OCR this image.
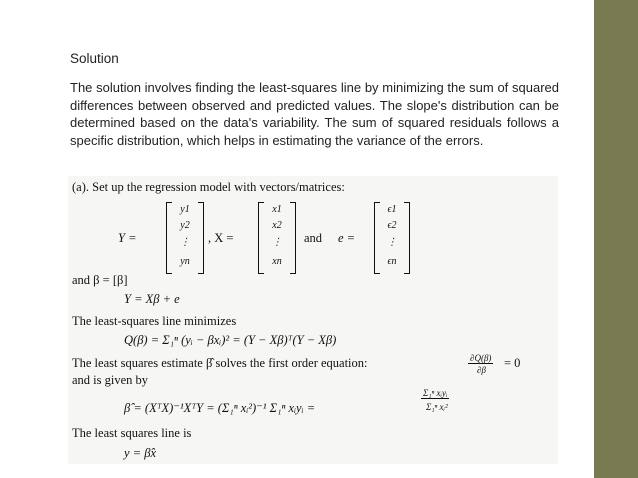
Solution
The solution involves finding the least-squares line by minimizing the sum of squared differences between observed and predicted values. The slope's distribution can be determined based on the data's variability. The sum of squared residuals follows a specific distribution, which helps in estimating the variance of the errors.
(a). Set up the regression model with vectors/matrices:
Y =
y1
y2
⋮
yn
, X =
x1
x2
⋮
xn
and e =
ϵ1
ϵ2
⋮
ϵn
and β = [β]
Y = Xβ + e
The least-squares line minimizes
Q(β) = Σ₁ⁿ (yᵢ − βxᵢ)² = (Y − Xβ)ᵀ(Y − Xβ)
The least squares estimate β̂ solves the first order equation:	∂Q(β)
∂β = 0
and is given by
β̂ = (XᵀX)⁻¹XᵀY = (Σ₁ⁿ xᵢ²)⁻¹ Σ₁ⁿ xᵢyᵢ =
Σ₁ⁿ xᵢyᵢ
Σ₁ⁿ xᵢ²
The least squares line is
y = β̂x
